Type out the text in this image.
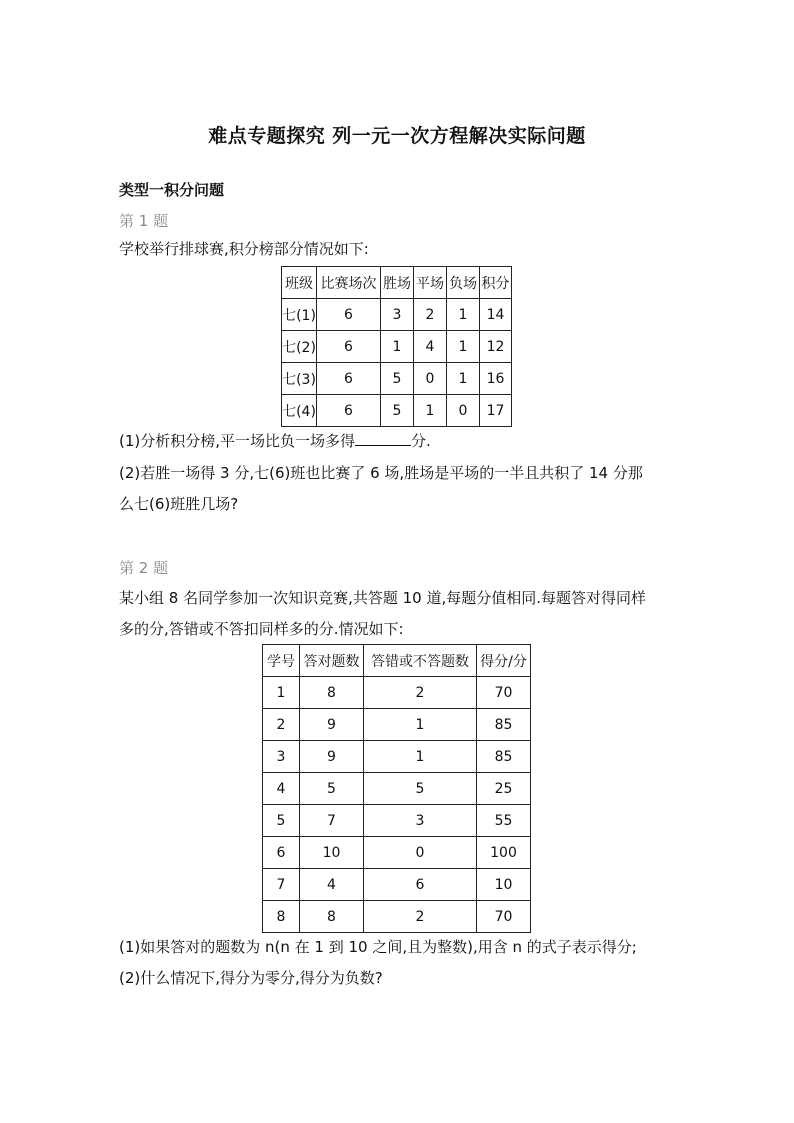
难点专题探究 列一元一次方程解决实际问题
类型一积分问题
第 1 题
学校举行排球赛,积分榜部分情况如下:
班级	比赛场次	胜场	平场	负场	积分
七(1)	6	3	2	1	14
七(2)	6	1	4	1	12
七(3)	6	5	0	1	16
七(4)	6	5	1	0	17
(1)分析积分榜,平一场比负一场多得	分.
(2)若胜一场得 3 分,七(6)班也比赛了 6 场,胜场是平场的一半且共积了 14 分那
么七(6)班胜几场?
第 2 题
某小组 8 名同学参加一次知识竞赛,共答题 10 道,每题分值相同.每题答对得同样
多的分,答错或不答扣同样多的分.情况如下:
学号	答对题数	答错或不答题数	得分/分
1	8	2	70
2	9	1	85
3	9	1	85
4	5	5	25
5	7	3	55
6	10	0	100
7	4	6	10
8	8	2	70
(1)如果答对的题数为 n(n 在 1 到 10 之间,且为整数),用含 n 的式子表示得分;
(2)什么情况下,得分为零分,得分为负数?
